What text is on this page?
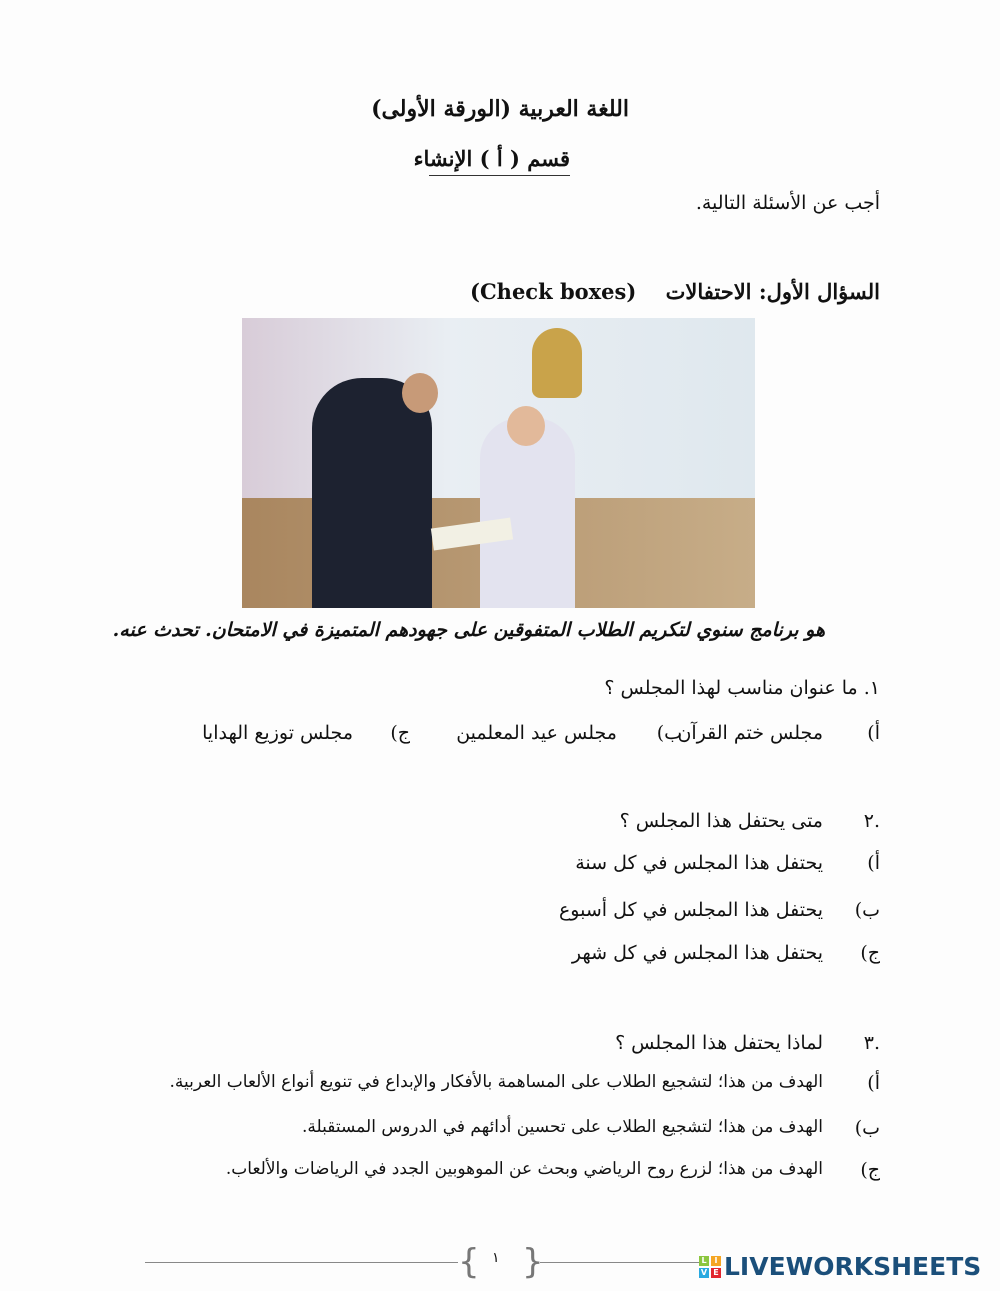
اللغة العربية (الورقة الأولى)
قسم ( أ ) الإنشاء
أجب عن الأسئلة التالية.
السؤال الأول: الاحتفالات (Check boxes)
هو برنامج سنوي لتكريم الطلاب المتفوقين على جهودهم المتميزة في الامتحان. تحدث عنه.
١. ما عنوان مناسب لهذا المجلس ؟
أ)
مجلس ختم القرآن
ب)
مجلس عيد المعلمين
ج)
مجلس توزيع الهدايا
.٢
متى يحتفل هذا المجلس ؟
أ)
يحتفل هذا المجلس في كل سنة
ب)
يحتفل هذا المجلس في كل أسبوع
ج)
يحتفل هذا المجلس في كل شهر
.٣
لماذا يحتفل هذا المجلس ؟
أ)
الهدف من هذا؛ لتشجيع الطلاب على المساهمة بالأفكار والإبداع في تنويع أنواع الألعاب العربية.
ب)
الهدف من هذا؛ لتشجيع الطلاب على تحسين أدائهم في الدروس المستقبلة.
ج)
الهدف من هذا؛ لزرع روح الرياضي وبحث عن الموهوبين الجدد في الرياضات والألعاب.
{ }
١	L I
V E LIVEWORKSHEETS
